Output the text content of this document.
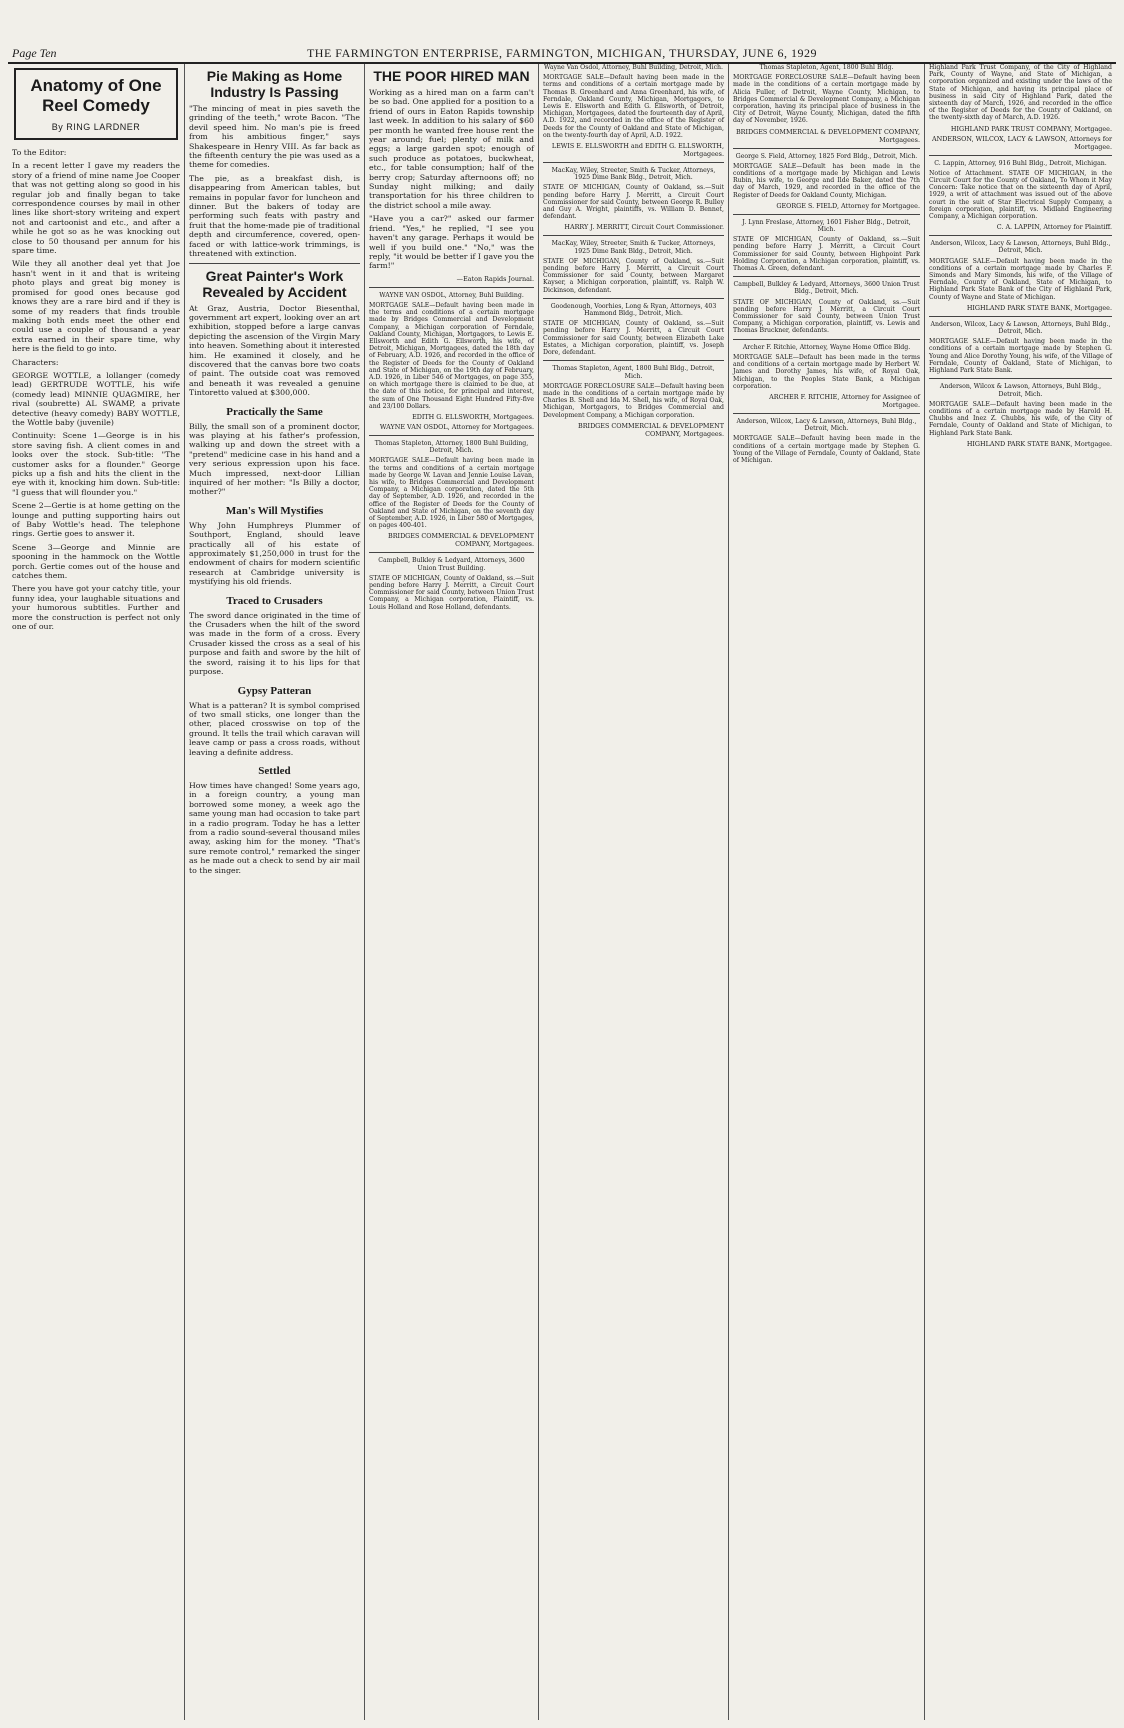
Page Ten	THE FARMINGTON ENTERPRISE, FARMINGTON, MICHIGAN, THURSDAY, JUNE 6, 1929
Anatomy of One Reel Comedy
By RING LARDNER

To the Editor:

In a recent letter I gave my readers the story of a friend of mine name Joe Cooper that was not getting along so good in his regular job and finally began to take correspondence courses by mail in other lines like short-story writeing and expert not and cartoonist and etc., and after a while he got so as he was knocking out close to 50 thousand per annum for his spare time.

Wile they all another deal yet that Joe hasn't went in it and that is writeing photo plays and great big money is promised for good ones because god knows they are a rare bird and if they is some of my readers that finds trouble making both ends meet the other end could use a couple of thousand a year extra earned in their spare time, why here is the field to go into.

Characters:

GEORGE WOTTLE, a lollanger (comedy lead) GERTRUDE WOTTLE, his wife (comedy lead) MINNIE QUAGMIRE, her rival (soubrette) AL SWAMP, a private detective (heavy comedy) BABY WOTTLE, the Wottle baby (juvenile)

Continuity: Scene 1—George is in his store saving fish. A client comes in and looks over the stock. Sub-title: "The customer asks for a flounder." George picks up a fish and hits the client in the eye with it, knocking him down. Sub-title: "I guess that will flounder you."

Scene 2—Gertie is at home getting on the lounge and putting supporting hairs out of Baby Wottle's head. The telephone rings. Gertie goes to answer it.

Scene 3—George and Minnie are spooning in the hammock on the Wottle porch. Gertie comes out of the house and catches them.

There you have got your catchy title, your funny idea, your laughable situations and your humorous subtitles. Further and more the construction is perfect not only one of our.

Pie Making as Home Industry Is Passing

"The mincing of meat in pies saveth the grinding of the teeth," wrote Bacon. "The devil speed him. No man's pie is freed from his ambitious finger," says Shakespeare in Henry VIII. As far back as the fifteenth century the pie was used as a theme for comedies.

The pie, as a breakfast dish, is disappearing from American tables, but remains in popular favor for luncheon and dinner. But the bakers of today are performing such feats with pastry and fruit that the home-made pie of traditional depth and circumference, covered, open-faced or with lattice-work trimmings, is threatened with extinction.

Great Painter's Work Revealed by Accident

At Graz, Austria, Doctor Biesenthal, government art expert, looking over an art exhibition, stopped before a large canvas depicting the ascension of the Virgin Mary into heaven. Something about it interested him. He examined it closely, and he discovered that the canvas bore two coats of paint. The outside coat was removed and beneath it was revealed a genuine Tintoretto valued at $300,000.

Practically the Same

Billy, the small son of a prominent doctor, was playing at his father's profession, walking up and down the street with a "pretend" medicine case in his hand and a very serious expression upon his face. Much impressed, next-door Lillian inquired of her mother: "Is Billy a doctor, mother?"

Man's Will Mystifies

Why John Humphreys Plummer of Southport, England, should leave practically all of his estate of approximately $1,250,000 in trust for the endowment of chairs for modern scientific research at Cambridge university is mystifying his old friends.

Traced to Crusaders

The sword dance originated in the time of the Crusaders when the hilt of the sword was made in the form of a cross. Every Crusader kissed the cross as a seal of his purpose and faith and swore by the hilt of the sword, raising it to his lips for that purpose.

Gypsy Patteran

What is a patteran? It is symbol comprised of two small sticks, one longer than the other, placed crosswise on top of the ground. It tells the trail which caravan will leave camp or pass a cross roads, without leaving a definite address.

Settled

How times have changed! Some years ago, in a foreign country, a young man borrowed some money, a week ago the same young man had occasion to take part in a radio program. Today he has a letter from a radio sound-several thousand miles away, asking him for the money. "That's sure remote control," remarked the singer as he made out a check to send by air mail to the singer.

THE POOR HIRED MAN

Working as a hired man on a farm can't be so bad. One applied for a position to a friend of ours in Eaton Rapids township last week. In addition to his salary of $60 per month he wanted free house rent the year around; fuel; plenty of milk and eggs; a large garden spot; enough of such produce as potatoes, buckwheat, etc., for table consumption; half of the berry crop; Saturday afternoons off; no Sunday night milking; and daily transportation for his three children to the district school a mile away.

"Have you a car?" asked our farmer friend. "Yes," he replied, "I see you haven't any garage. Perhaps it would be well if you build one." "No," was the reply, "it would be better if I gave you the farm!"

—Eaton Rapids Journal.

WAYNE VAN OSDOL, Attorney, Buhl Building.

MORTGAGE SALE—Default having been made in the terms and conditions of a certain mortgage made by Bridges Commercial and Development Company, a Michigan corporation of Ferndale, Oakland County, Michigan, Mortgagors, to Lewis E. Ellsworth and Edith G. Ellsworth, his wife, of Detroit, Michigan, Mortgagees, dated the 18th day of February, A.D. 1926, and recorded in the office of the Register of Deeds for the County of Oakland and State of Michigan, on the 19th day of February, A.D. 1926, in Liber 546 of Mortgages, on page 355, on which mortgage there is claimed to be due, at the date of this notice, for principal and interest, the sum of One Thousand Eight Hundred Fifty-five and 23/100 Dollars.

EDITH G. ELLSWORTH, Mortgagees.

WAYNE VAN OSDOL, Attorney for Mortgagees.

Thomas Stapleton, Attorney, 1800 Buhl Building, Detroit, Mich.

MORTGAGE SALE—Default having been made in the terms and conditions of a certain mortgage made by George W. Lavan and Jennie Louise Lavan, his wife, to Bridges Commercial and Development Company, a Michigan corporation, dated the 5th day of September, A.D. 1926, and recorded in the office of the Register of Deeds for the County of Oakland and State of Michigan, on the seventh day of September, A.D. 1926, in Liber 580 of Mortgages, on pages 400-401.

BRIDGES COMMERCIAL & DEVELOPMENT COMPANY, Mortgagees.

Campbell, Bulkley & Ledyard, Attorneys, 3600 Union Trust Building.

STATE OF MICHIGAN, County of Oakland, ss.—Suit pending before Harry J. Merritt, a Circuit Court Commissioner for said County, between Union Trust Company, a Michigan corporation, Plaintiff, vs. Louis Holland and Rose Holland, defendants.

Wayne Van Osdol, Attorney, Buhl Building, Detroit, Mich.

MORTGAGE SALE—Default having been made in the terms and conditions of a certain mortgage made by Thomas B. Greenhard and Anna Greenhard, his wife, of Ferndale, Oakland County, Michigan, Mortgagors, to Lewis E. Ellsworth and Edith G. Ellsworth, of Detroit, Michigan, Mortgagees, dated the fourteenth day of April, A.D. 1922, and recorded in the office of the Register of Deeds for the County of Oakland and State of Michigan, on the twenty-fourth day of April, A.D. 1922.

LEWIS E. ELLSWORTH and EDITH G. ELLSWORTH, Mortgagees.

MacKay, Wiley, Streeter, Smith & Tucker, Attorneys, 1925 Dime Bank Bldg., Detroit, Mich.

STATE OF MICHIGAN, County of Oakland, ss.—Suit pending before Harry J. Merritt, a Circuit Court Commissioner for said County, between George R. Bulley and Guy A. Wright, plaintiffs, vs. William D. Bennet, defendant.

HARRY J. MERRITT, Circuit Court Commissioner.

MacKay, Wiley, Streeter, Smith & Tucker, Attorneys, 1925 Dime Bank Bldg., Detroit, Mich.

STATE OF MICHIGAN, County of Oakland, ss.—Suit pending before Harry J. Merritt, a Circuit Court Commissioner for said County, between Margaret Kayser, a Michigan corporation, plaintiff, vs. Ralph W. Dickinson, defendant.

Goodenough, Voorhies, Long & Ryan, Attorneys, 403 Hammond Bldg., Detroit, Mich.

STATE OF MICHIGAN, County of Oakland, ss.—Suit pending before Harry J. Merritt, a Circuit Court Commissioner for said County, between Elizabeth Lake Estates, a Michigan corporation, plaintiff, vs. Joseph Dore, defendant.

Thomas Stapleton, Agent, 1800 Buhl Bldg., Detroit, Mich.

MORTGAGE FORECLOSURE SALE—Default having been made in the conditions of a certain mortgage made by Charles B. Shell and Ida M. Shell, his wife, of Royal Oak, Michigan, Mortgagors, to Bridges Commercial and Development Company, a Michigan corporation.

BRIDGES COMMERCIAL & DEVELOPMENT COMPANY, Mortgagees.

Thomas Stapleton, Agent, 1800 Buhl Bldg.

MORTGAGE FORECLOSURE SALE—Default having been made in the conditions of a certain mortgage made by Alicia Fuller, of Detroit, Wayne County, Michigan, to Bridges Commercial & Development Company, a Michigan corporation, having its principal place of business in the City of Detroit, Wayne County, Michigan, dated the fifth day of November, 1926.

BRIDGES COMMERCIAL & DEVELOPMENT COMPANY, Mortgagees.

George S. Field, Attorney, 1825 Ford Bldg., Detroit, Mich.

MORTGAGE SALE—Default has been made in the conditions of a mortgage made by Michigan and Lewis Rubin, his wife, to George and Ilde Baker, dated the 7th day of March, 1929, and recorded in the office of the Register of Deeds for Oakland County, Michigan.

GEORGE S. FIELD, Attorney for Mortgagee.

J. Lynn Freslase, Attorney, 1601 Fisher Bldg., Detroit, Mich.

STATE OF MICHIGAN, County of Oakland, ss.—Suit pending before Harry J. Merritt, a Circuit Court Commissioner for said County, between Highpoint Park Holding Corporation, a Michigan corporation, plaintiff, vs. Thomas A. Green, defendant.

Campbell, Bulkley & Ledyard, Attorneys, 3600 Union Trust Bldg., Detroit, Mich.

STATE OF MICHIGAN, County of Oakland, ss.—Suit pending before Harry J. Merritt, a Circuit Court Commissioner for said County, between Union Trust Company, a Michigan corporation, plaintiff, vs. Lewis and Thomas Bruckner, defendants.

Archer F. Ritchie, Attorney, Wayne Home Office Bldg.

MORTGAGE SALE—Default has been made in the terms and conditions of a certain mortgage made by Herbert W. James and Dorothy James, his wife, of Royal Oak, Michigan, to the Peoples State Bank, a Michigan corporation.

ARCHER F. RITCHIE, Attorney for Assignee of Mortgagee.

Anderson, Wilcox, Lacy & Lawson, Attorneys, Buhl Bldg., Detroit, Mich.

MORTGAGE SALE—Default having been made in the conditions of a certain mortgage made by Stephen G. Young of the Village of Ferndale, County of Oakland, State of Michigan.

Highland Park Trust Company, of the City of Highland Park, County of Wayne, and State of Michigan, a corporation organized and existing under the laws of the State of Michigan, and having its principal place of business in said City of Highland Park, dated the sixteenth day of March, 1926, and recorded in the office of the Register of Deeds for the County of Oakland, on the twenty-sixth day of March, A.D. 1926.

HIGHLAND PARK TRUST COMPANY, Mortgagee.

ANDERSON, WILCOX, LACY & LAWSON, Attorneys for Mortgagee.

C. Lappin, Attorney, 916 Buhl Bldg., Detroit, Michigan.

Notice of Attachment. STATE OF MICHIGAN, in the Circuit Court for the County of Oakland, To Whom it May Concern: Take notice that on the sixteenth day of April, 1929, a writ of attachment was issued out of the above court in the suit of Star Electrical Supply Company, a foreign corporation, plaintiff, vs. Midland Engineering Company, a Michigan corporation.

C. A. LAPPIN, Attorney for Plaintiff.

Anderson, Wilcox, Lacy & Lawson, Attorneys, Buhl Bldg., Detroit, Mich.

MORTGAGE SALE—Default having been made in the conditions of a certain mortgage made by Charles F. Simonds and Mary Simonds, his wife, of the Village of Ferndale, County of Oakland, State of Michigan, to Highland Park State Bank of the City of Highland Park, County of Wayne and State of Michigan.

HIGHLAND PARK STATE BANK, Mortgagee.

Anderson, Wilcox, Lacy & Lawson, Attorneys, Buhl Bldg., Detroit, Mich.

MORTGAGE SALE—Default having been made in the conditions of a certain mortgage made by Stephen G. Young and Alice Dorothy Young, his wife, of the Village of Ferndale, County of Oakland, State of Michigan, to Highland Park State Bank.

Anderson, Wilcox & Lawson, Attorneys, Buhl Bldg., Detroit, Mich.

MORTGAGE SALE—Default having been made in the conditions of a certain mortgage made by Harold H. Chubbs and Inez Z. Chubbs, his wife, of the City of Ferndale, County of Oakland and State of Michigan, to Highland Park State Bank.

HIGHLAND PARK STATE BANK, Mortgagee.
